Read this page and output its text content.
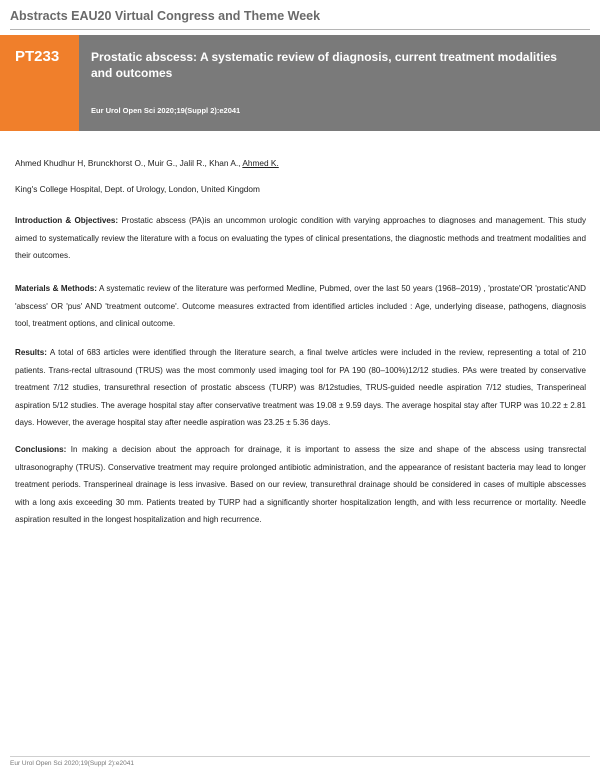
Abstracts EAU20 Virtual Congress and Theme Week
PT233	Prostatic abscess: A systematic review of diagnosis, current treatment modalities and outcomes
Eur Urol Open Sci 2020;19(Suppl 2):e2041
Ahmed Khudhur H, Brunckhorst O., Muir G., Jalil R., Khan A., Ahmed K.
King's College Hospital, Dept. of Urology, London, United Kingdom

Introduction & Objectives: Prostatic abscess (PA)is an uncommon urologic condition with varying approaches to diagnoses and management. This study aimed to systematically review the literature with a focus on evaluating the types of clinical presentations, the diagnostic methods and treatment modalities and their outcomes.

Materials & Methods: A systematic review of the literature was performed Medline, Pubmed, over the last 50 years (1968–2019) , 'prostate'OR 'prostatic'AND 'abscess' OR 'pus' AND 'treatment outcome'. Outcome measures extracted from identified articles included : Age, underlying disease, pathogens, diagnosis tool, treatment options, and clinical outcome.

Results: A total of 683 articles were identified through the literature search, a final twelve articles were included in the review, representing a total of 210 patients. Trans-rectal ultrasound (TRUS) was the most commonly used imaging tool for PA 190 (80–100%)12/12 studies. PAs were treated by conservative treatment 7/12 studies, transurethral resection of prostatic abscess (TURP) was 8/12studies, TRUS-guided needle aspiration 7/12 studies, Transperineal aspiration 5/12 studies. The average hospital stay after conservative treatment was 19.08 ± 9.59 days. The average hospital stay after TURP was 10.22 ± 2.81 days. However, the average hospital stay after needle aspiration was 23.25 ± 5.36 days.

Conclusions: In making a decision about the approach for drainage, it is important to assess the size and shape of the abscess using transrectal ultrasonography (TRUS). Conservative treatment may require prolonged antibiotic administration, and the appearance of resistant bacteria may lead to longer treatment periods. Transperineal drainage is less invasive. Based on our review, transurethral drainage should be considered in cases of multiple abscesses with a long axis exceeding 30 mm. Patients treated by TURP had a significantly shorter hospitalization length, and with less recurrence or mortality. Needle aspiration resulted in the longest hospitalization and high recurrence.

Eur Urol Open Sci 2020;19(Suppl 2):e2041
